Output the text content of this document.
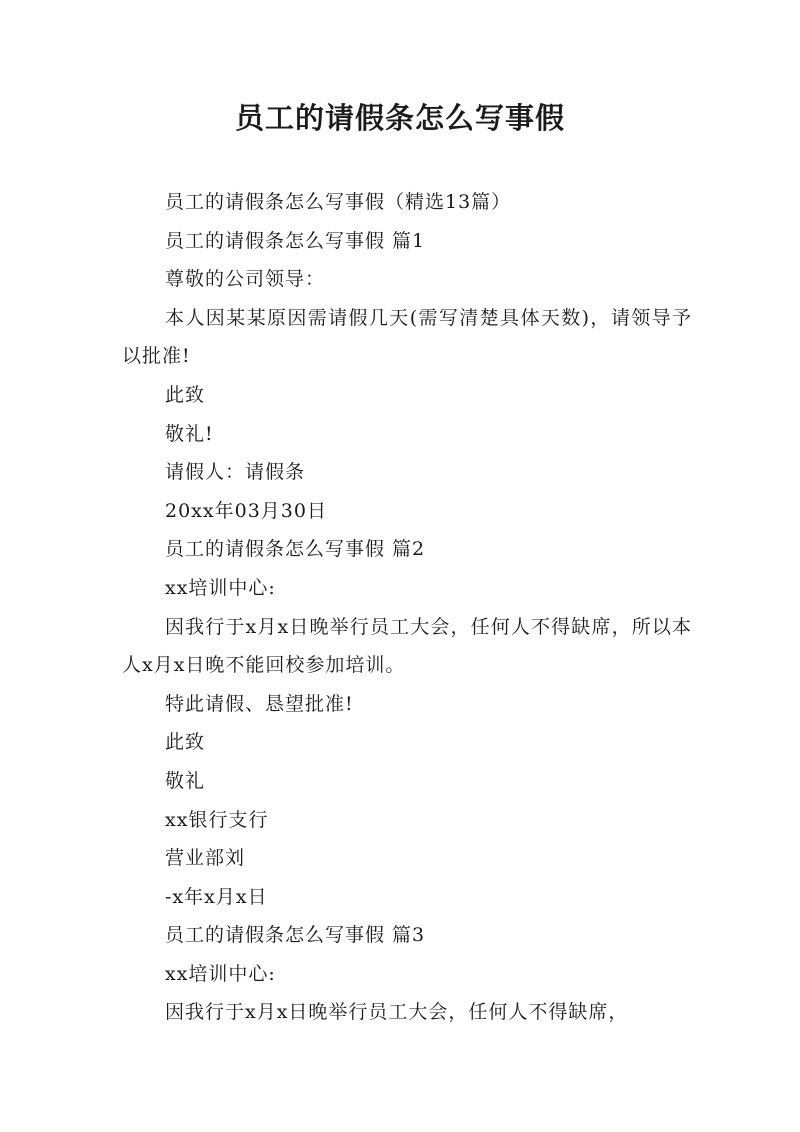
员工的请假条怎么写事假

员工的请假条怎么写事假（精选13篇）

员工的请假条怎么写事假 篇1

尊敬的公司领导：

本人因某某原因需请假几天(需写清楚具体天数)，请领导予以批准!

此致

敬礼!

请假人：请假条

20xx年03月30日

员工的请假条怎么写事假 篇2

xx培训中心:

因我行于x月x日晚举行员工大会，任何人不得缺席，所以本人x月x日晚不能回校参加培训。

特此请假、恳望批准!

此致

敬礼

xx银行支行

营业部刘

-x年x月x日

员工的请假条怎么写事假 篇3

xx培训中心:

因我行于x月x日晚举行员工大会，任何人不得缺席，
